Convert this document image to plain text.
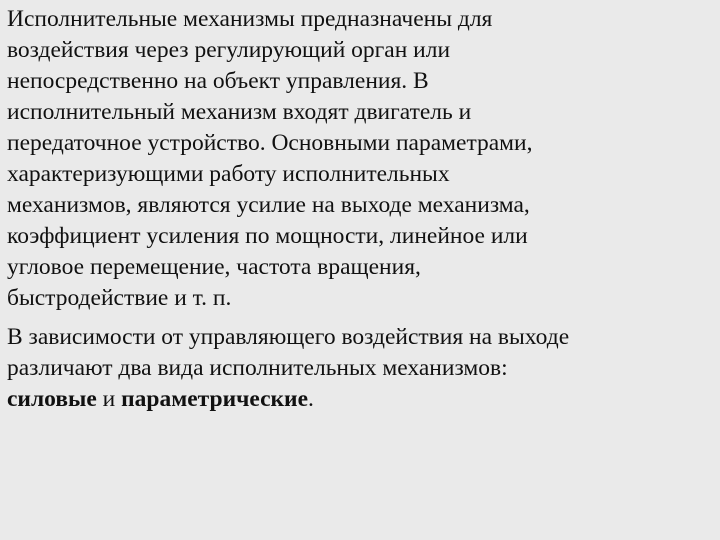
Исполнительные механизмы предназначены для
воздействия через регулирующий орган или
непосредственно на объект управления. В
исполнительный механизм входят двигатель и
передаточное устройство. Основными параметрами,
характеризующими работу исполнительных
механизмов, являются усилие на выходе механизма,
коэффициент усиления по мощности, линейное или
угловое перемещение, частота вращения,
быстродействие и т. п.
В зависимости от управляющего воздействия на выходе
различают два вида исполнительных механизмов:
силовые и параметрические.
